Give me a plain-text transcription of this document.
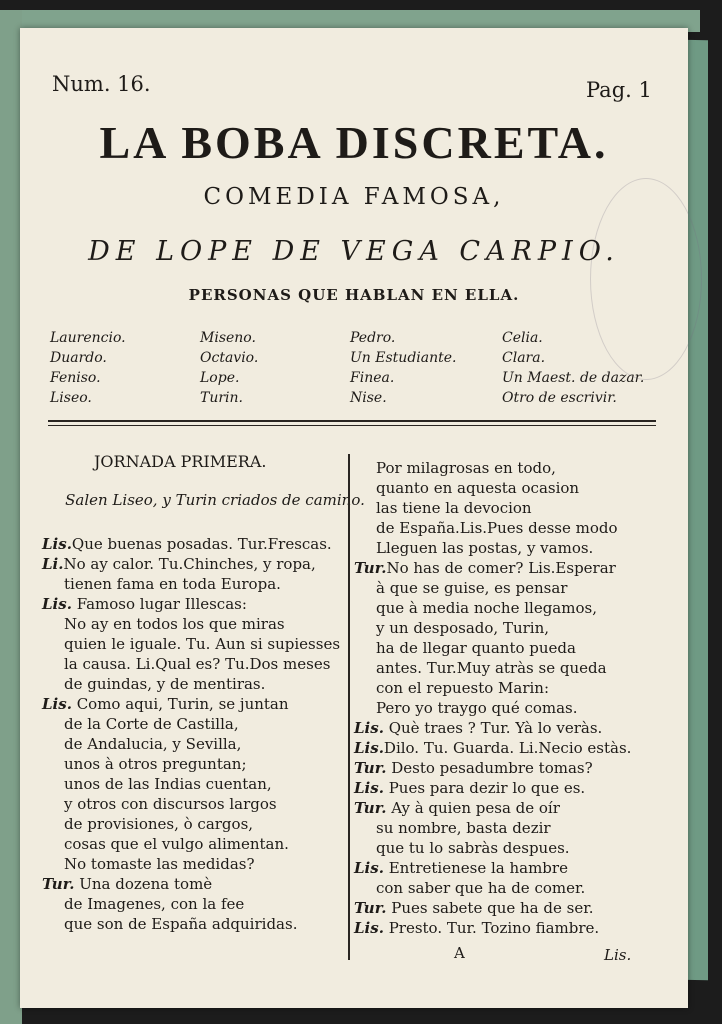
Num. 16.	Pag. 1
LA BOBA DISCRETA.
COMEDIA FAMOSA,
DE LOPE DE VEGA CARPIO.
PERSONAS QUE HABLAN EN ELLA.
Laurencio.
Duardo.
Feniso.
Liseo.
Miseno.
Octavio.
Lope.
Turin.
Pedro.
Un Estudiante.
Finea.
Nise.
Celia.
Clara.
Un Maest. de dazar.
Otro de escrivir.
JORNADA PRIMERA.
Salen Liseo, y Turin criados de camino.
Lis.Que buenas posadas. Tur.Frescas.
Li.No ay calor. Tu.Chinches, y ropa,
tienen fama en toda Europa.
Lis. Famoso lugar Illescas:
No ay en todos los que miras
quien le iguale. Tu. Aun si supiesses
la causa. Li.Qual es? Tu.Dos meses
de guindas, y de mentiras.
Lis. Como aqui, Turin, se juntan
de la Corte de Castilla,
de Andalucia, y Sevilla,
unos à otros preguntan;
unos de las Indias cuentan,
y otros con discursos largos
de provisiones, ò cargos,
cosas que el vulgo alimentan.
No tomaste las medidas?
Tur. Una dozena tomè
de Imagenes, con la fee
que son de España adquiridas.
Por milagrosas en todo,
quanto en aquesta ocasion
las tiene la devocion
de España.Lis.Pues desse modo
Lleguen las postas, y vamos.
Tur.No has de comer? Lis.Esperar
à que se guise, es pensar
que à media noche llegamos,
y un desposado, Turin,
ha de llegar quanto pueda
antes. Tur.Muy atràs se queda
con el repuesto Marin:
Pero yo traygo qué comas.
Lis. Què traes ? Tur. Yà lo veràs.
Lis.Dilo. Tu. Guarda. Li.Necio estàs.
Tur. Desto pesadumbre tomas?
Lis. Pues para dezir lo que es.
Tur. Ay à quien pesa de oír
su nombre, basta dezir
que tu lo sabràs despues.
Lis. Entretienese la hambre
con saber que ha de comer.
Tur. Pues sabete que ha de ser.
Lis. Presto. Tur. Tozino fiambre.
A	Lis.
